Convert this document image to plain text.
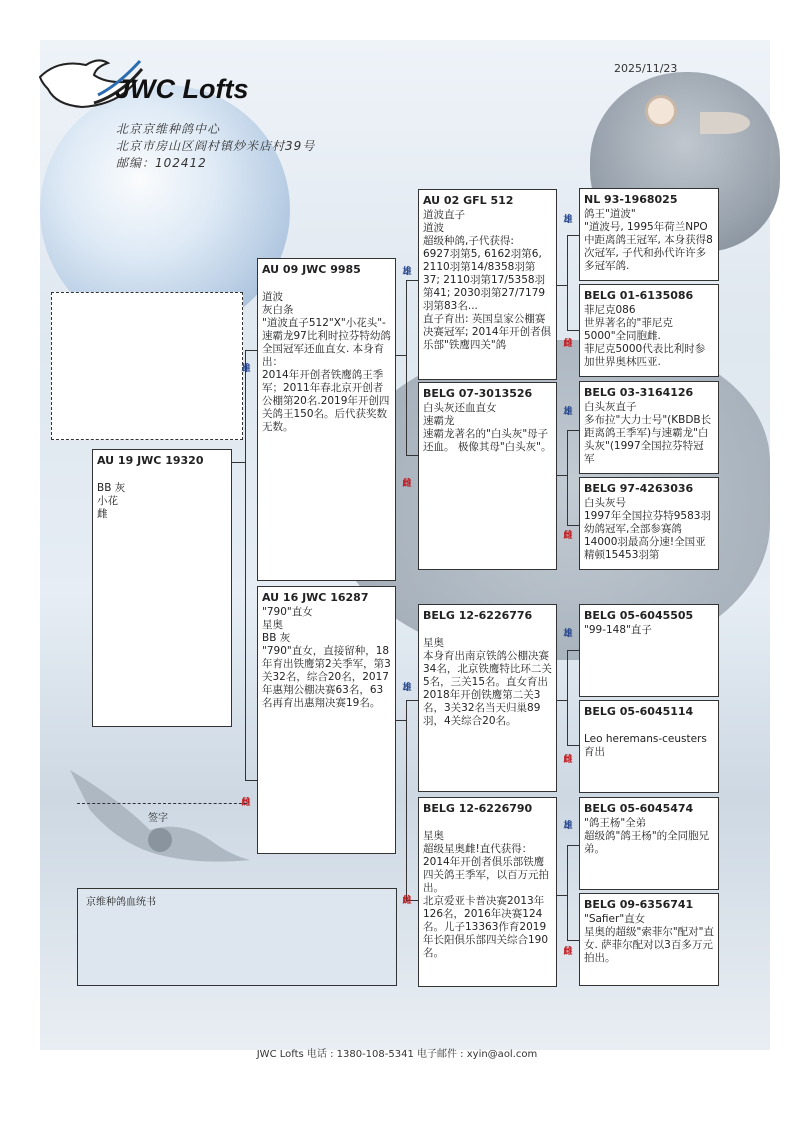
JWC Lofts
北京京维种鸽中心
北京市房山区阎村镇炒米店村39号
邮编：102412
2025/11/23
雄
雌
雄
雌
雄
雌
雄
雌
雄
雌
雄
雌
雄
雌
AU 19 JWC 19320

BB 灰
小花
雌
AU 09 JWC 9985

道波
灰白条
"道波直子512"X"小花头"-速霸龙97比利时拉芬特幼鸽全国冠军还血直女. 本身育出：
2014年开创者铁鹰鸽王季军；2011年春北京开创者公棚第20名.2019年开创四关鸽王150名。后代获奖数无数。
AU 16 JWC 16287
"790"直女
星奥
BB 灰
"790"直女，直接留种，18年育出铁鹰第2关季军，第3关32名，综合20名，2017年惠翔公棚决赛63名，63名再育出惠翔决赛19名。
AU 02 GFL 512
道波直子
道波
超级种鸽,子代获得:
6927羽第5, 6162羽第6, 2110羽第14/8358羽第37; 2110羽第17/5358羽第41; 2030羽第27/7179羽第83名...
直子育出: 英国皇家公棚赛决赛冠军; 2014年开创者俱乐部"铁鹰四关"鸽
BELG 07-3013526
白头灰还血直女
速霸龙
速霸龙著名的"白头灰"母子还血。 极像其母"白头灰"。
BELG 12-6226776

星奥
本身育出南京铁鸽公棚决赛34名，北京铁鹰特比环二关5名，三关15名。直女育出2018年开创铁鹰第二关3名，3关32名当天归巢89羽，4关综合20名。
BELG 12-6226790

星奥
超级星奥雌!直代获得：2014年开创者俱乐部铁鹰四关鸽王季军，以百万元拍出。
北京爱亚卡普决赛2013年126名，2016年决赛124名。儿子13363作育2019年长阳俱乐部四关综合190名。
NL 93-1968025
鸽王"道波"
"道波号, 1995年荷兰NPO中距离鸽王冠军, 本身获得8次冠军, 子代和孙代许许多多冠军鸽.
BELG 01-6135086
菲尼克086
世界著名的"菲尼克5000"全同胞雌.
菲尼克5000代表比利时参加世界奥林匹亚.
BELG 03-3164126
白头灰直子
多布拉"大力士号"(KBDB长距离鸽王季军)与速霸龙"白头灰"(1997全国拉芬特冠军
BELG 97-4263036
白头灰号
1997年全国拉芬特9583羽幼鸽冠军,全部参赛鸽14000羽最高分速!全国亚精顿15453羽第
BELG 05-6045505
"99-148"直子
BELG 05-6045114

Leo heremans-ceusters 育出
BELG 05-6045474
"鸽王杨"全弟
超级鸽"鸽王杨"的全同胞兄弟。
BELG 09-6356741
"Safier"直女
星奥的超级"索菲尔"配对"直女. 萨菲尔配对以3百多万元拍出。
签字
京维种鸽血统书
JWC Lofts 电话 : 1380-108-5341 电子邮件 : xyin@aol.com
